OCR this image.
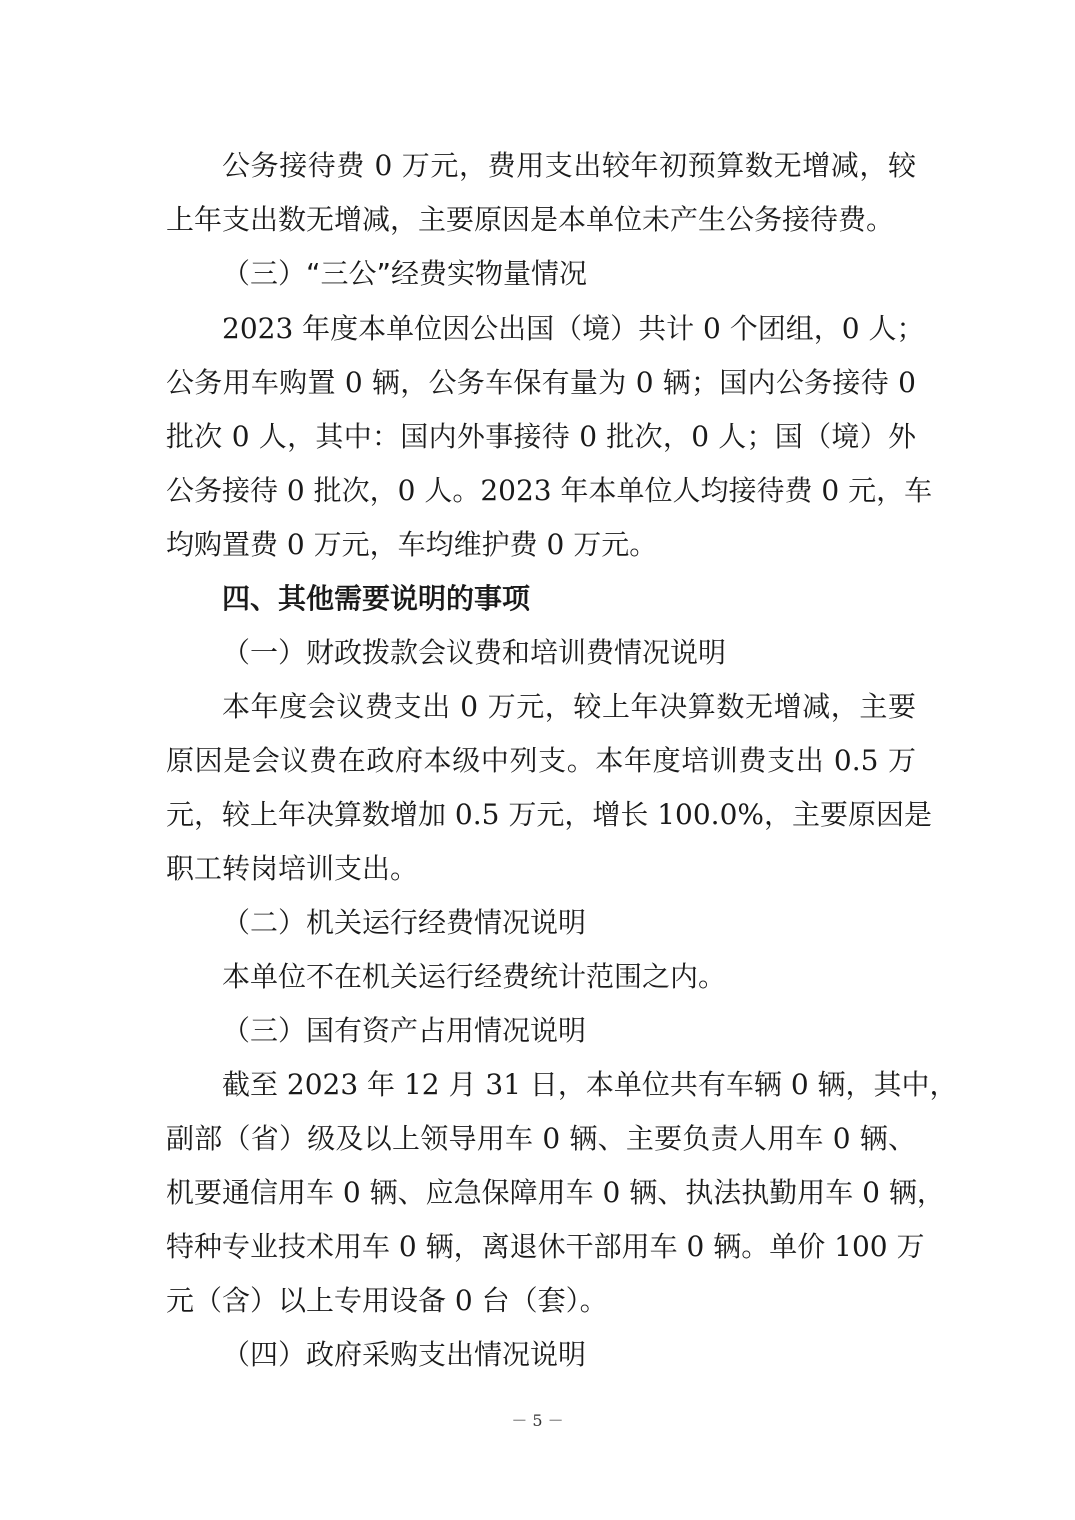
公务接待费 0 万元，费用支出较年初预算数无增减，较
上年支出数无增减，主要原因是本单位未产生公务接待费。
（三）“三公”经费实物量情况
2023 年度本单位因公出国（境）共计 0 个团组，0 人；
公务用车购置 0 辆，公务车保有量为 0 辆；国内公务接待 0
批次 0 人，其中：国内外事接待 0 批次，0 人；国（境）外
公务接待 0 批次，0 人。2023 年本单位人均接待费 0 元，车
均购置费 0 万元，车均维护费 0 万元。
四、其他需要说明的事项
（一）财政拨款会议费和培训费情况说明
本年度会议费支出 0 万元，较上年决算数无增减，主要
原因是会议费在政府本级中列支。本年度培训费支出 0.5 万
元，较上年决算数增加 0.5 万元，增长 100.0%，主要原因是
职工转岗培训支出。
（二）机关运行经费情况说明
本单位不在机关运行经费统计范围之内。
（三）国有资产占用情况说明
截至 2023 年 12 月 31 日，本单位共有车辆 0 辆，其中，
副部（省）级及以上领导用车 0 辆、主要负责人用车 0 辆、
机要通信用车 0 辆、应急保障用车 0 辆、执法执勤用车 0 辆，
特种专业技术用车 0 辆，离退休干部用车 0 辆。单价 100 万
元（含）以上专用设备 0 台（套）。
（四）政府采购支出情况说明
－ 5 －
